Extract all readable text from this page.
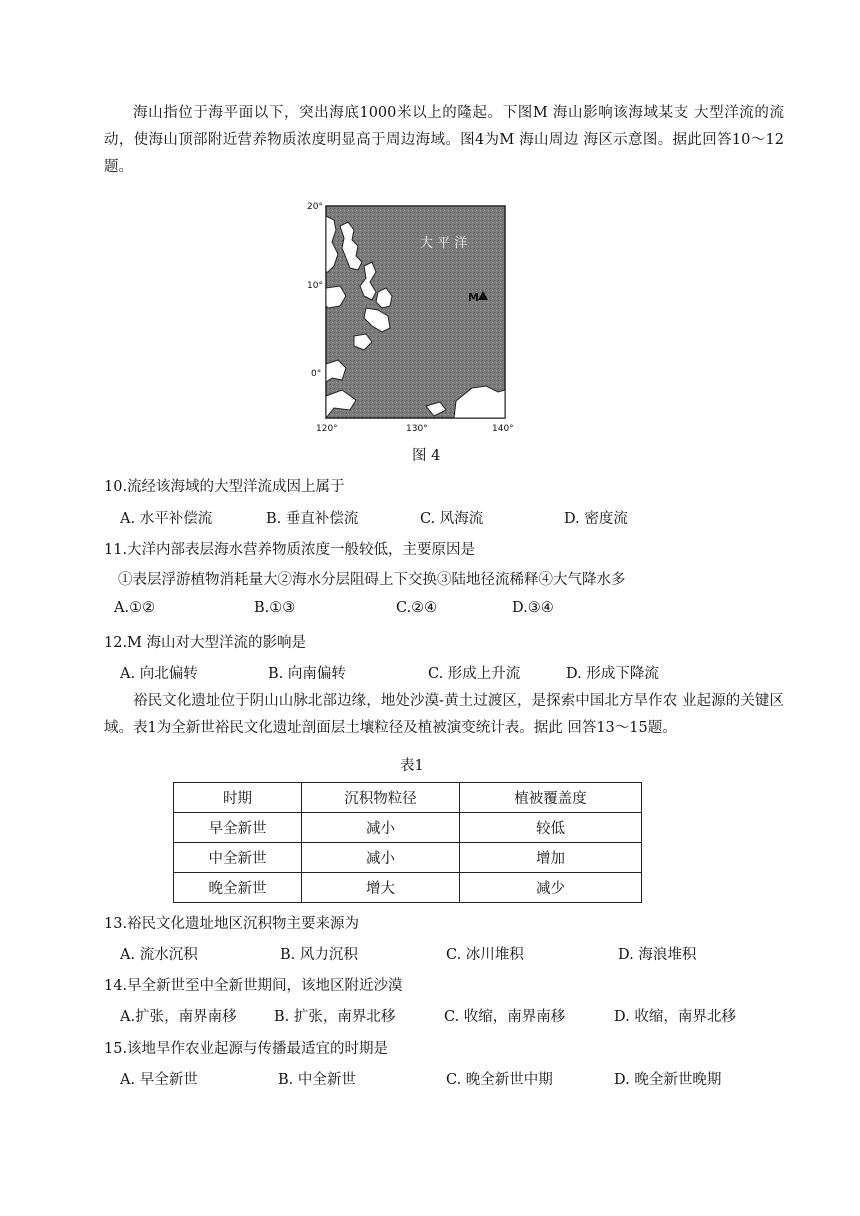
海山指位于海平面以下，突出海底1000米以上的隆起。下图M 海山影响该海域某支 大型洋流的流动，使海山顶部附近营养物质浓度明显高于周边海域。图4为M 海山周边 海区示意图。据此回答10～12题。
20°
10°
0°
120°	130°	140°
大 平 洋
M
图 4
10.流经该海域的大型洋流成因上属于
A. 水平补偿流	B. 垂直补偿流	C. 风海流	D. 密度流
11.大洋内部表层海水营养物质浓度一般较低，主要原因是
①表层浮游植物消耗量大②海水分层阻碍上下交换③陆地径流稀释④大气降水多
A.①②	B.①③	C.②④	D.③④
12.M 海山对大型洋流的影响是
A. 向北偏转	B. 向南偏转	C. 形成上升流	D. 形成下降流
裕民文化遗址位于阴山山脉北部边缘，地处沙漠-黄土过渡区，是探索中国北方旱作农 业起源的关键区域。表1为全新世裕民文化遗址剖面层土壤粒径及植被演变统计表。据此 回答13～15题。
表1
时期	沉积物粒径	植被覆盖度
早全新世	减小	较低
中全新世	减小	增加
晚全新世	增大	减少
13.裕民文化遗址地区沉积物主要来源为
A. 流水沉积	B. 风力沉积	C. 冰川堆积	D. 海浪堆积
14.早全新世至中全新世期间，该地区附近沙漠
A.扩张，南界南移	B. 扩张，南界北移	C. 收缩，南界南移	D. 收缩，南界北移
15.该地旱作农业起源与传播最适宜的时期是
A. 早全新世	B. 中全新世	C. 晚全新世中期	D. 晚全新世晚期
